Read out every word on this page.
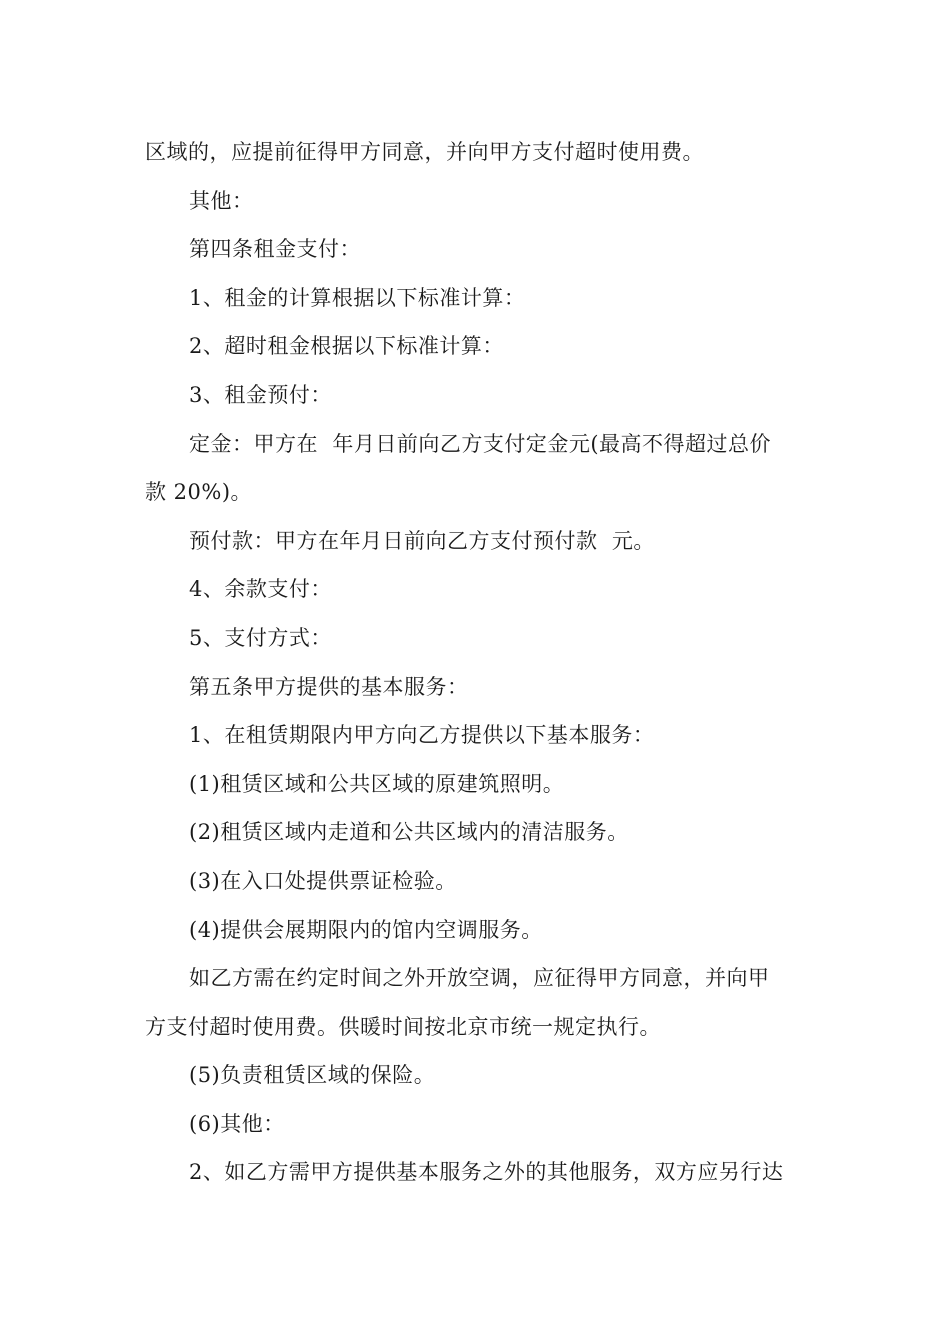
区域的，应提前征得甲方同意，并向甲方支付超时使用费。

其他：

第四条租金支付：

1、租金的计算根据以下标准计算：

2、超时租金根据以下标准计算：

3、租金预付：

定金：甲方在  年月日前向乙方支付定金元(最高不得超过总价

款 20%)。

预付款：甲方在年月日前向乙方支付预付款  元。

4、余款支付：

5、支付方式：

第五条甲方提供的基本服务：

1、在租赁期限内甲方向乙方提供以下基本服务：

(1)租赁区域和公共区域的原建筑照明。

(2)租赁区域内走道和公共区域内的清洁服务。

(3)在入口处提供票证检验。

(4)提供会展期限内的馆内空调服务。

如乙方需在约定时间之外开放空调，应征得甲方同意，并向甲

方支付超时使用费。供暖时间按北京市统一规定执行。

(5)负责租赁区域的保险。

(6)其他：

2、如乙方需甲方提供基本服务之外的其他服务，双方应另行达
